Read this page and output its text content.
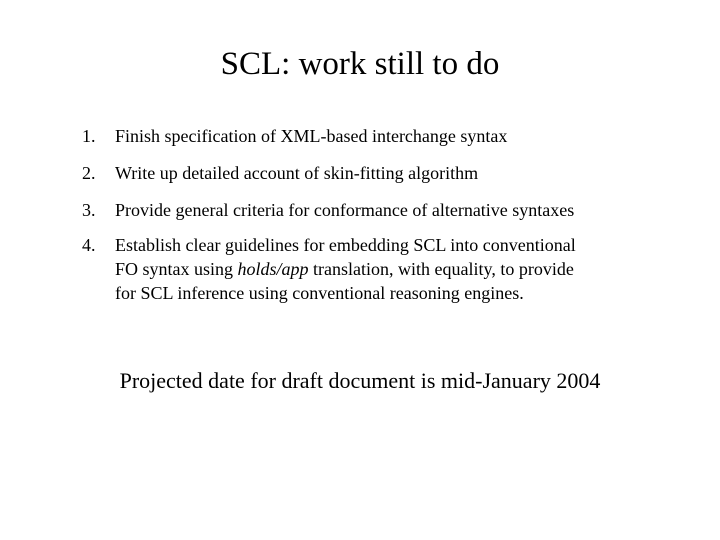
SCL: work still to do
1.	Finish specification of XML-based interchange syntax
2.	Write up detailed account of skin-fitting algorithm
3.	Provide general criteria for conformance of alternative syntaxes
4.	Establish clear guidelines for embedding SCL into conventional
FO syntax using holds/app translation, with equality, to provide
for SCL inference using conventional reasoning engines.
Projected date for draft document is mid-January 2004
